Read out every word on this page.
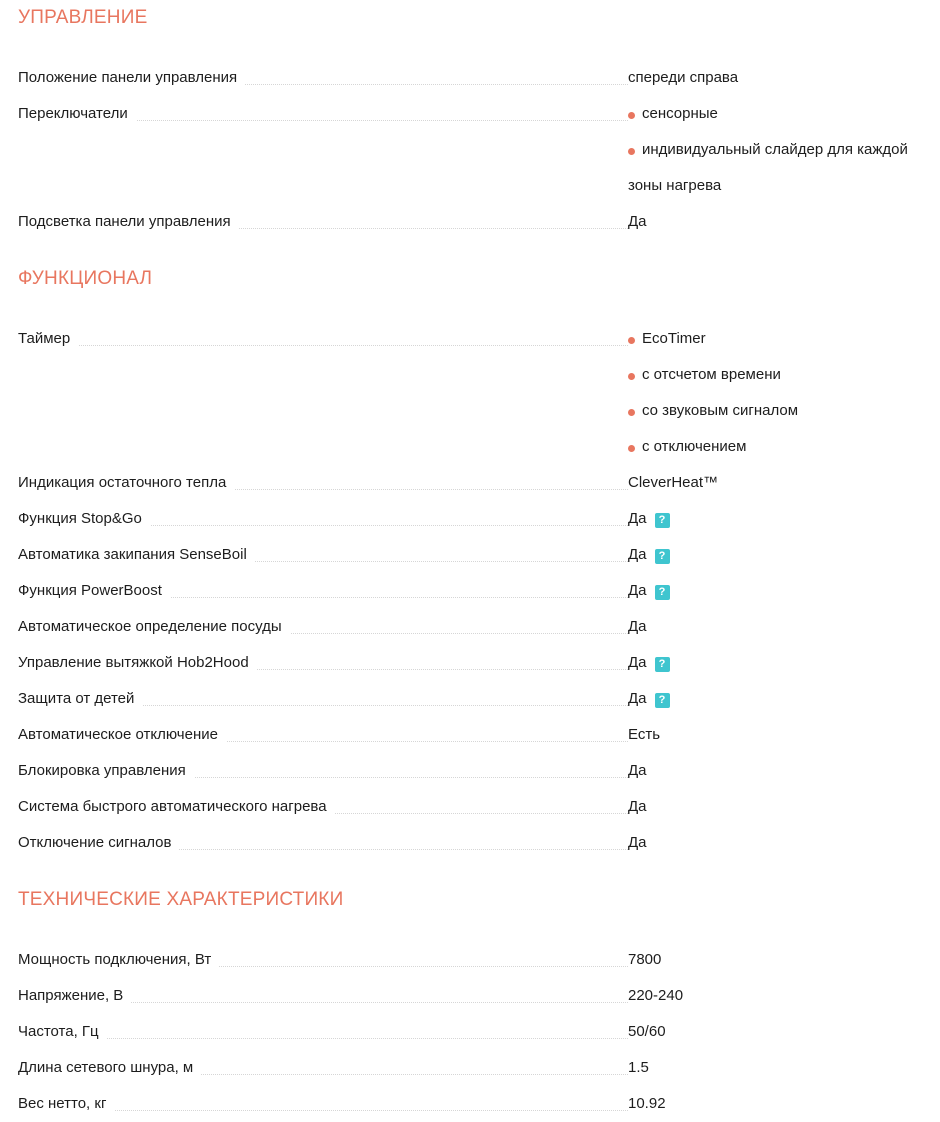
УПРАВЛЕНИЕ
Положение панели управления	спереди справа
Переключатели	сенсорные
индивидуальный слайдер для каждой
зоны нагрева
Подсветка панели управления	Да
ФУНКЦИОНАЛ
Таймер	EcoTimer
с отсчетом времени
со звуковым сигналом
с отключением
Индикация остаточного тепла	CleverHeat™
Функция Stop&Go	Да	?
Автоматика закипания SenseBoil	Да	?
Функция PowerBoost	Да	?
Автоматическое определение посуды	Да
Управление вытяжкой Hob2Hood	Да	?
Защита от детей	Да	?
Автоматическое отключение	Есть
Блокировка управления	Да
Система быстрого автоматического нагрева	Да
Отключение сигналов	Да
ТЕХНИЧЕСКИЕ ХАРАКТЕРИСТИКИ
Мощность подключения, Вт	7800
Напряжение, В	220-240
Частота, Гц	50/60
Длина сетевого шнура, м	1.5
Вес нетто, кг	10.92
